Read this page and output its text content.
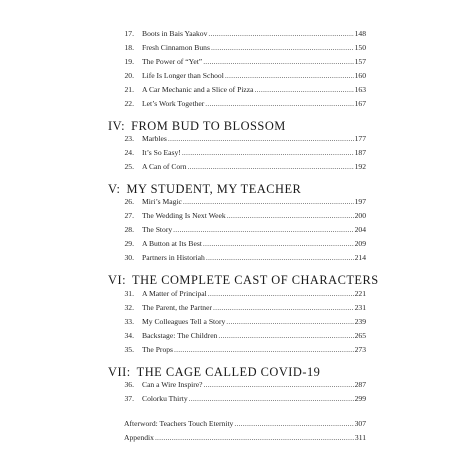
17. Boots in Bais Yaakov .....	148
18. Fresh Cinnamon Buns .....	150
19. The Power of “Yet” .....	157
20. Life Is Longer than School .....	160
21. A Car Mechanic and a Slice of Pizza .....	163
22. Let’s Work Together .....	167
IV: FROM BUD TO BLOSSOM
23. Marbles .....	177
24. It’s So Easy! .....	187
25. A Can of Corn .....	192
V: MY STUDENT, MY TEACHER
26. Miri’s Magic .....	197
27. The Wedding Is Next Week .....	200
28. The Story .....	204
29. A Button at Its Best .....	209
30. Partners in Historiah .....	214
VI: THE COMPLETE CAST OF CHARACTERS
31. A Matter of Principal .....	221
32. The Parent, the Partner .....	231
33. My Colleagues Tell a Story .....	239
34. Backstage: The Children .....	265
35. The Props .....	273
VII: THE CAGE CALLED COVID-19
36. Can a Wire Inspire? .....	287
37. Colorku Thirty .....	299
Afterword: Teachers Touch Eternity .....	307
Appendix .....	311
